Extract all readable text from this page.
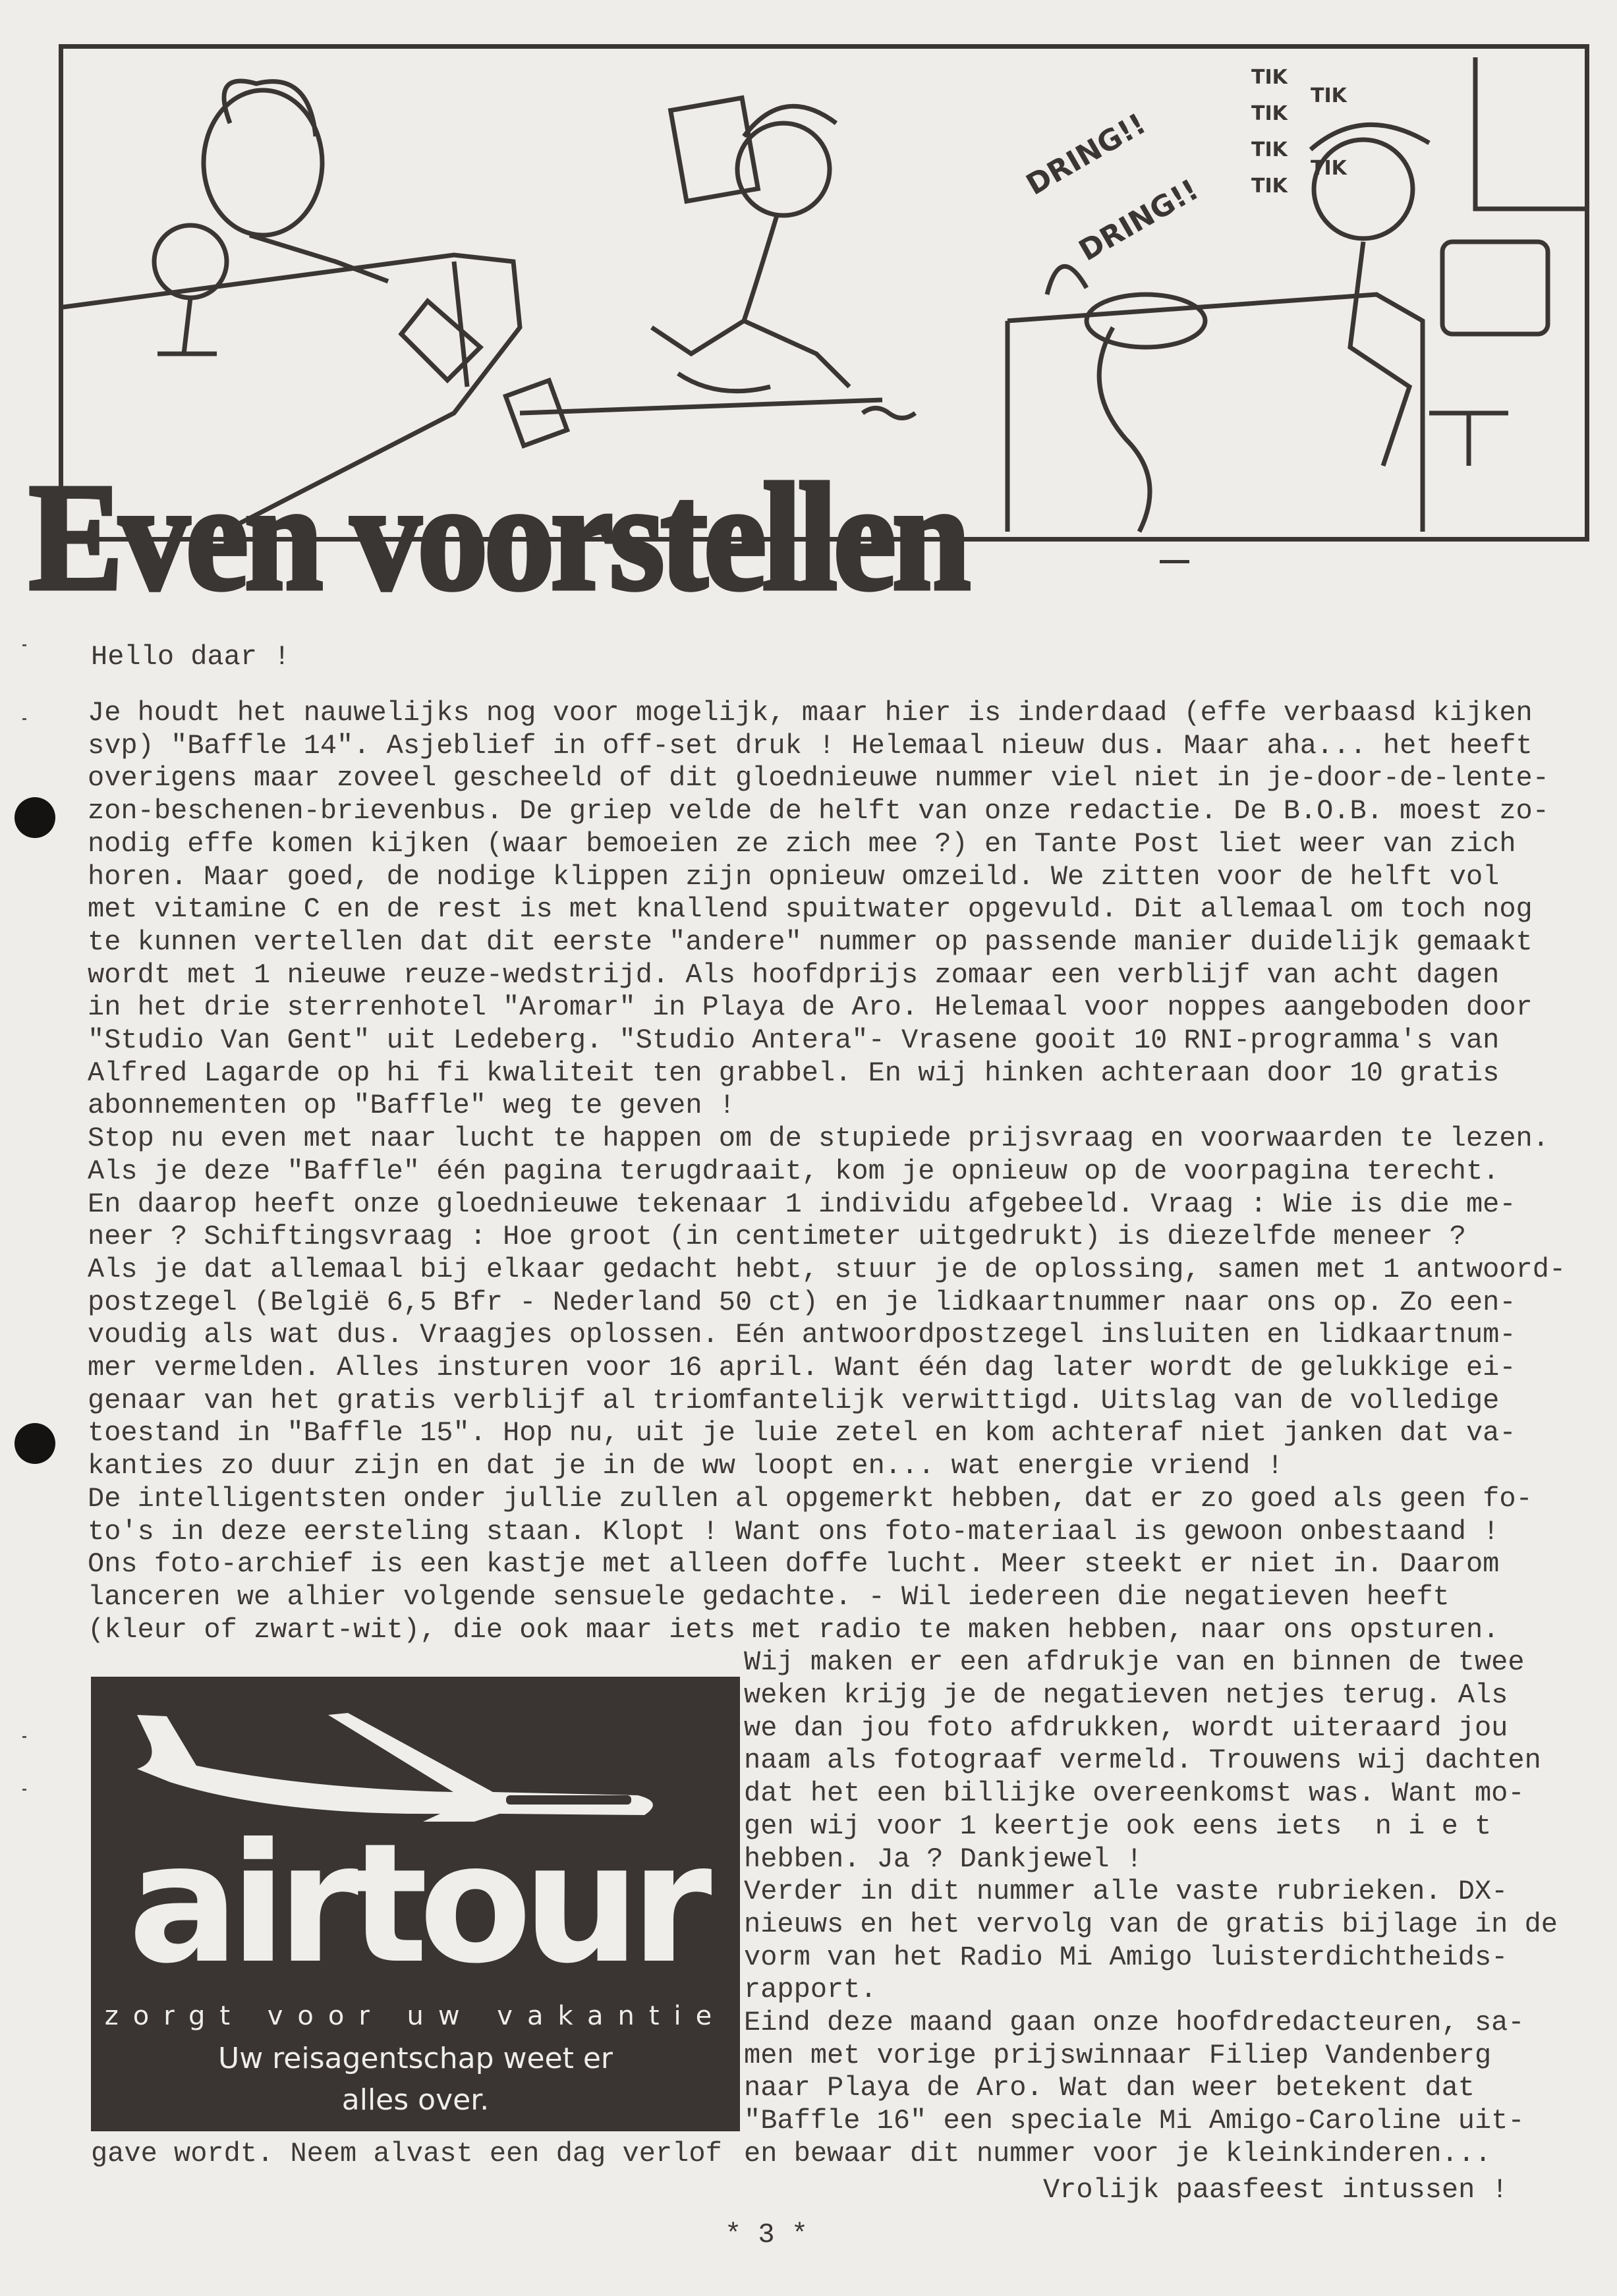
DRING!!
DRING!!
TIK
TIK
TIK
TIK
TIK
TIK
Even voorstellen
Hello daar !
Je houdt het nauwelijks nog voor mogelijk, maar hier is inderdaad (effe verbaasd kijken
svp) "Baffle 14". Asjeblief in off-set druk ! Helemaal nieuw dus. Maar aha... het heeft
overigens maar zoveel gescheeld of dit gloednieuwe nummer viel niet in je-door-de-lente-
zon-beschenen-brievenbus. De griep velde de helft van onze redactie. De B.O.B. moest zo-
nodig effe komen kijken (waar bemoeien ze zich mee ?) en Tante Post liet weer van zich
horen. Maar goed, de nodige klippen zijn opnieuw omzeild. We zitten voor de helft vol
met vitamine C en de rest is met knallend spuitwater opgevuld. Dit allemaal om toch nog
te kunnen vertellen dat dit eerste "andere" nummer op passende manier duidelijk gemaakt
wordt met 1 nieuwe reuze-wedstrijd. Als hoofdprijs zomaar een verblijf van acht dagen
in het drie sterrenhotel "Aromar" in Playa de Aro. Helemaal voor noppes aangeboden door
"Studio Van Gent" uit Ledeberg. "Studio Antera"- Vrasene gooit 10 RNI-programma's van
Alfred Lagarde op hi fi kwaliteit ten grabbel. En wij hinken achteraan door 10 gratis
abonnementen op "Baffle" weg te geven !
Stop nu even met naar lucht te happen om de stupiede prijsvraag en voorwaarden te lezen.
Als je deze "Baffle" één pagina terugdraait, kom je opnieuw op de voorpagina terecht.
En daarop heeft onze gloednieuwe tekenaar 1 individu afgebeeld. Vraag : Wie is die me-
neer ? Schiftingsvraag : Hoe groot (in centimeter uitgedrukt) is diezelfde meneer ?
Als je dat allemaal bij elkaar gedacht hebt, stuur je de oplossing, samen met 1 antwoord-
postzegel (België 6,5 Bfr - Nederland 50 ct) en je lidkaartnummer naar ons op. Zo een-
voudig als wat dus. Vraagjes oplossen. Eén antwoordpostzegel insluiten en lidkaartnum-
mer vermelden. Alles insturen voor 16 april. Want één dag later wordt de gelukkige ei-
genaar van het gratis verblijf al triomfantelijk verwittigd. Uitslag van de volledige
toestand in "Baffle 15". Hop nu, uit je luie zetel en kom achteraf niet janken dat va-
kanties zo duur zijn en dat je in de ww loopt en... wat energie vriend !
De intelligentsten onder jullie zullen al opgemerkt hebben, dat er zo goed als geen fo-
to's in deze eersteling staan. Klopt ! Want ons foto-materiaal is gewoon onbestaand !
Ons foto-archief is een kastje met alleen doffe lucht. Meer steekt er niet in. Daarom
lanceren we alhier volgende sensuele gedachte. - Wil iedereen die negatieven heeft
(kleur of zwart-wit), die ook maar iets met radio te maken hebben, naar ons opsturen.
Wij maken er een afdrukje van en binnen de twee
weken krijg je de negatieven netjes terug. Als
we dan jou foto afdrukken, wordt uiteraard jou
naam als fotograaf vermeld. Trouwens wij dachten
dat het een billijke overeenkomst was. Want mo-
gen wij voor 1 keertje ook eens iets  n i e t
hebben. Ja ? Dankjewel !
Verder in dit nummer alle vaste rubrieken. DX-
nieuws en het vervolg van de gratis bijlage in de
vorm van het Radio Mi Amigo luisterdichtheids-
rapport.
Eind deze maand gaan onze hoofdredacteuren, sa-
men met vorige prijswinnaar Filiep Vandenberg
naar Playa de Aro. Wat dan weer betekent dat
"Baffle 16" een speciale Mi Amigo-Caroline uit-
en bewaar dit nummer voor je kleinkinderen...
gave wordt. Neem alvast een dag verlof
Vrolijk paasfeest intussen !
* 3 *
airtour
zorgt voor uw vakantie
Uw reisagentschap weet er
alles over.
